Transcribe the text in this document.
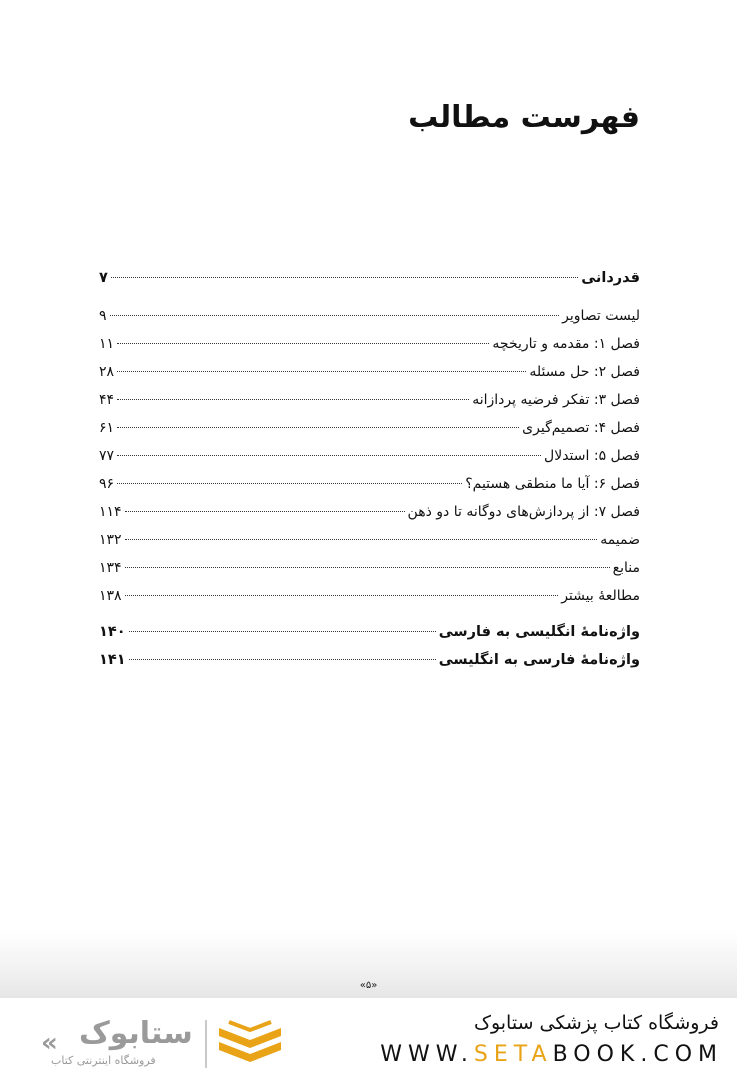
فهرست مطالب
قدردانی
۷
لیست تصاویر
۹
فصل ۱: مقدمه و تاریخچه
۱۱
فصل ۲: حل مسئله
۲۸
فصل ۳: تفکر فرضیه پردازانه
۴۴
فصل ۴: تصمیم‌گیری
۶۱
فصل ۵: استدلال
۷۷
فصل ۶: آیا ما منطقی هستیم؟
۹۶
فصل ۷: از پردازش‌های دوگانه تا دو ذهن
۱۱۴
ضمیمه
۱۳۲
منابع
۱۳۴
مطالعهٔ بیشتر
۱۳۸
واژه‌نامهٔ انگلیسی به فارسی
۱۴۰
واژه‌نامهٔ فارسی به انگلیسی
۱۴۱
«۵»
« ستابوک
فروشگاه اینترنتی کتاب
فروشگاه کتاب پزشکی ستابوک
WWW.SETABOOK.COM
